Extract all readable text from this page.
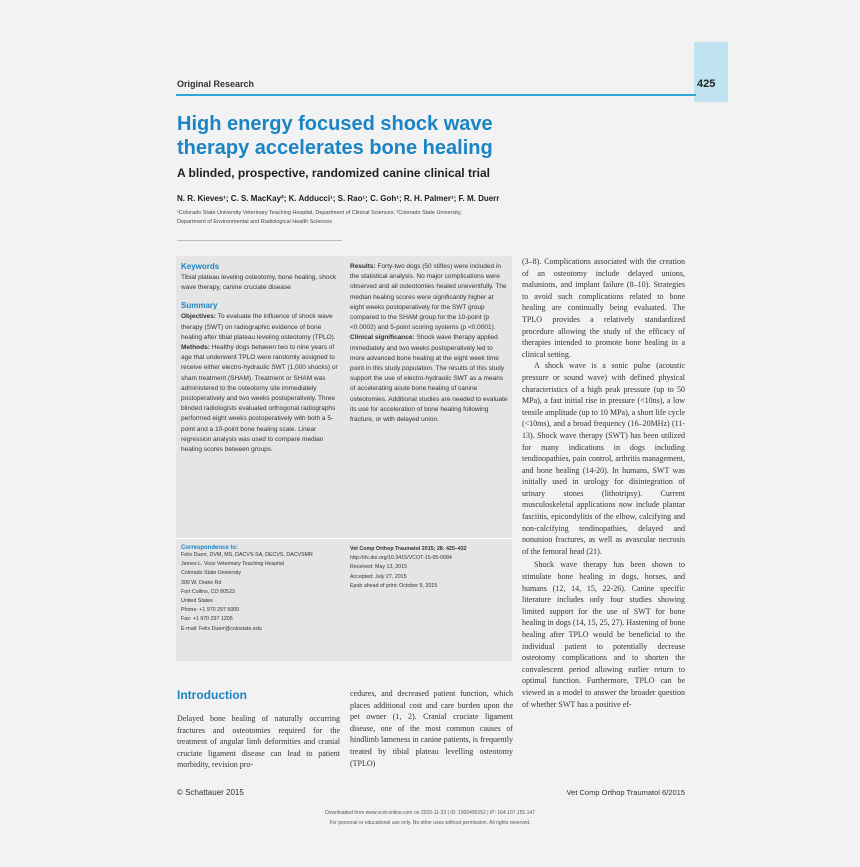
Original Research	425
High energy focused shock wave
therapy accelerates bone healing
A blinded, prospective, randomized canine clinical trial
N. R. Kieves¹; C. S. MacKay²; K. Adducci¹; S. Rao¹; C. Goh¹; R. H. Palmer¹; F. M. Duerr
¹Colorado State University Veterinary Teaching Hospital, Department of Clinical Sciences; ²Colorado State University,
Department of Environmental and Radiological Health Sciences
Keywords
Tibial plateau leveling osteotomy, bone healing, shock wave therapy, canine cruciate disease
Summary
Objectives: To evaluate the influence of shock wave therapy (SWT) on radiographic evidence of bone healing after tibial plateau leveling osteotomy (TPLO).
Methods: Healthy dogs between two to nine years of age that underwent TPLO were randomly assigned to receive either electro-hydraulic SWT (1,000 shocks) or sham treatment (SHAM). Treatment or SHAM was administered to the osteotomy site immediately postoperatively and two weeks postoperatively. Three blinded radiologists evaluated orthogonal radiographs performed eight weeks postoperatively with both a 5-point and a 10-point bone healing scale. Linear regression analysis was used to compare median healing scores between groups.
Results: Forty-two dogs (50 stifles) were included in the statistical analysis. No major complications were observed and all osteotomies healed uneventfully. The median healing scores were significantly higher at eight weeks postoperatively for the SWT group compared to the SHAM group for the 10-point (p <0.0002) and 5-point scoring systems (p <0.0001).
Clinical significance: Shock wave therapy applied immediately and two weeks postoperatively led to more advanced bone healing at the eight week time point in this study population. The results of this study support the use of electro-hydraulic SWT as a means of accelerating acute bone healing of canine osteotomies. Additional studies are needed to evaluate its use for acceleration of bone healing following fracture, or with delayed union.
Correspondence to:
Felix Duerr, DVM, MS, DACVS-SA, DECVS, DACVSMR
James L. Voss Veterinary Teaching Hospital
Colorado State University
300 W. Drake Rd
Fort Collins, CO 80523
United States
Phone: +1 970 297 5000
Fax: +1 970 297 1205
E-mail: Felix.Duerr@colostate.edu
Vet Comp Orthop Traumatol 2015; 28: 425–432
http://dx.doi.org/10.3415/VCOT-15-05-0084
Received: May 13, 2015
Accepted: July 27, 2015
Epub ahead of print: October 9, 2015
(3–8). Complications associated with the creation of an osteotomy include delayed unions, malunions, and implant failure (8–10). Strategies to avoid such complications related to bone healing are continually being evaluated. The TPLO provides a relatively standardized procedure allowing the study of the efficacy of therapies intended to promote bone healing in a clinical setting.
A shock wave is a sonic pulse (acoustic pressure or sound wave) with defined physical characteristics of a high peak pressure (up to 50 MPa), a fast initial rise in pressure (<10ns), a low tensile amplitude (up to 10 MPa), a short life cycle (<10ms), and a broad frequency (16–20MHz) (11-13). Shock wave therapy (SWT) has been utilized for many indications in dogs including tendinopathies, pain control, arthritis management, and bone healing (14-20). In humans, SWT was initially used in urology for disintegration of urinary stones (lithotripsy). Current musculoskeletal applications now include plantar fasciitis, epicondylitis of the elbow, calcifying and non-calcifying tendinopathies, delayed and nonunion fractures, as well as avascular necrosis of the femoral head (21).
Shock wave therapy has been shown to stimulate bone healing in dogs, horses, and humans (12, 14, 15, 22-26). Canine specific literature includes only four studies showing limited support for the use of SWT for bone healing in dogs (14, 15, 25, 27). Hastening of bone healing after TPLO would be beneficial to the individual patient to potentially decrease osteotomy complications and to shorten the convalescent period allowing earlier return to optimal function. Furthermore, TPLO can be viewed as a model to answer the broader question of whether SWT has a positive ef-
Introduction
Delayed bone healing of naturally occurring fractures and osteotomies required for the treatment of angular limb deformities and cranial cruciate ligament disease can lead to patient morbidity, revision pro-
cedures, and decreased patient function, which places additional cost and care burden upon the pet owner (1, 2). Cranial cruciate ligament disease, one of the most common causes of hindlimb lameness in canine patients, is frequently treated by tibial plateau levelling osteotomy (TPLO)
© Schattauer 2015	Vet Comp Orthop Traumatol 6/2015
Downloaded from www.vcot-online.com on 2015-11-23 | ID: 1000490152 | IP: 164.107.155.147
For personal or educational use only. No other uses without permission. All rights reserved.
